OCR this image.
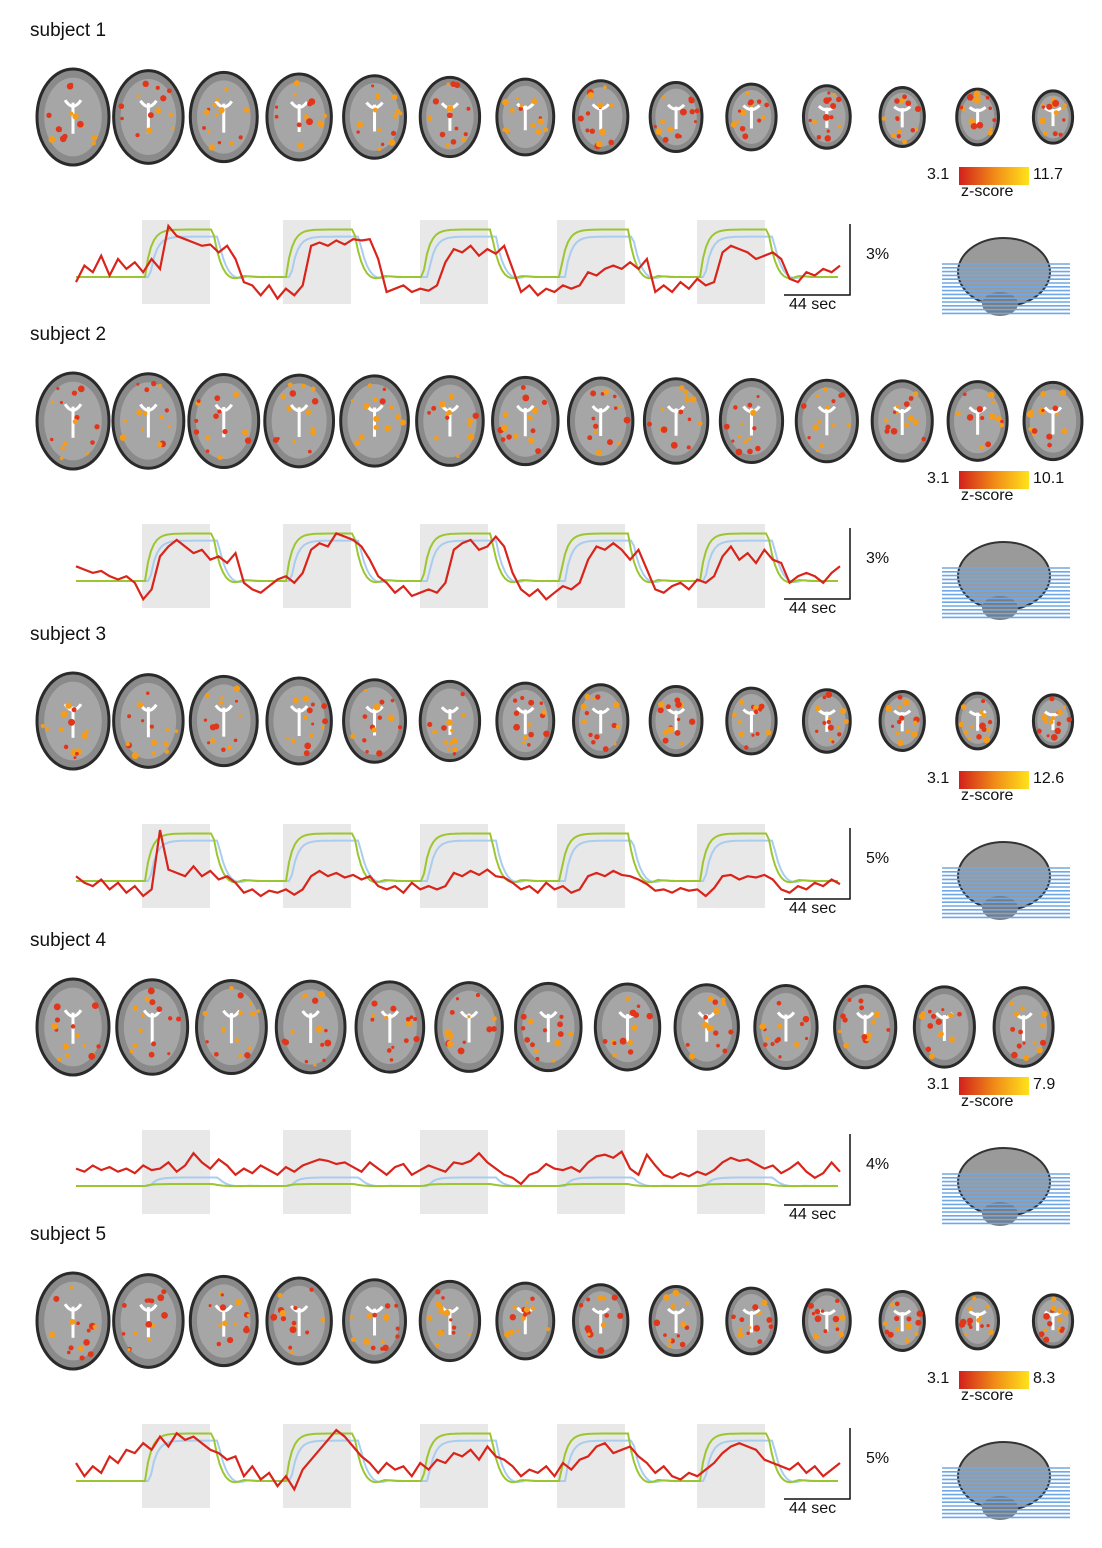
subject 1
3.1	11.7
z-score
3%
44 sec
subject 2
3.1	10.1
z-score
3%
44 sec
subject 3
3.1	12.6
z-score
5%
44 sec
subject 4
3.1	7.9
z-score
4%
44 sec
subject 5
3.1	8.3
z-score
5%
44 sec
